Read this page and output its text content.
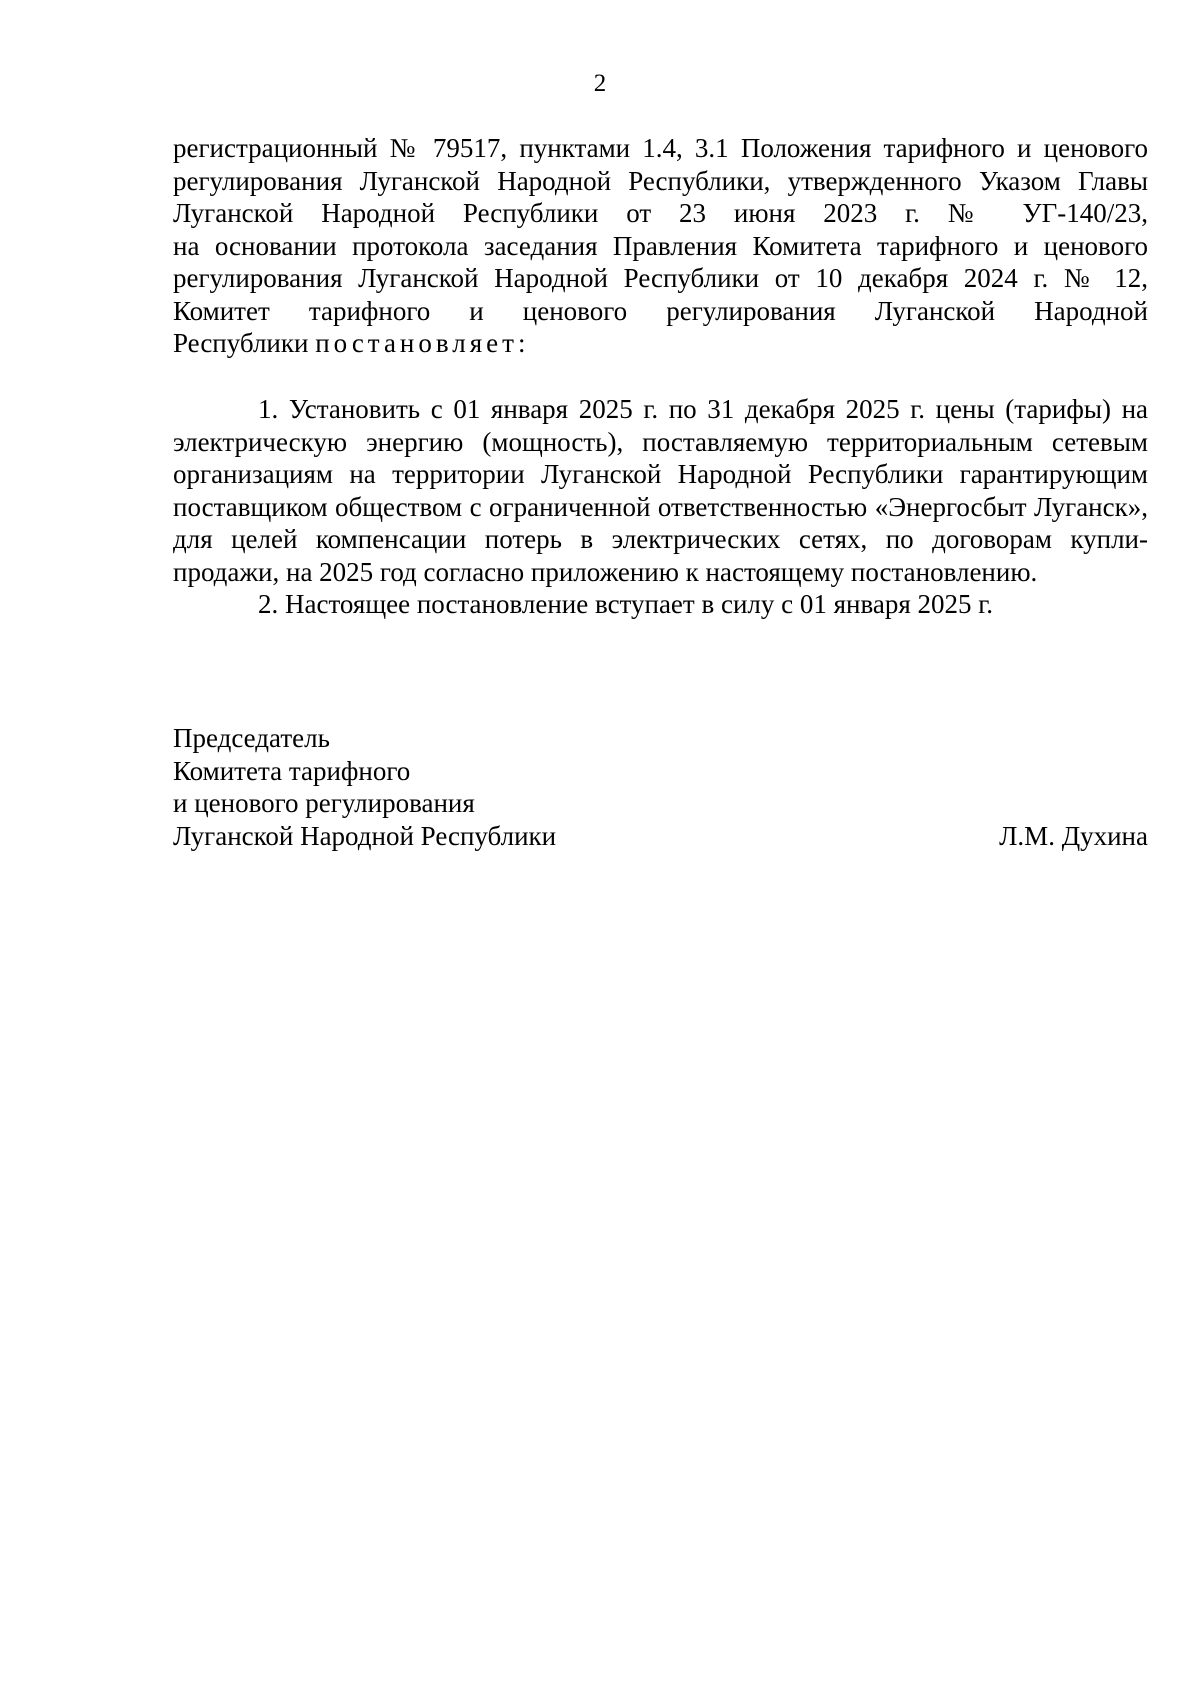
2
регистрационный № 79517, пунктами 1.4, 3.1 Положения тарифного и ценового
регулирования Луганской Народной Республики, утвержденного Указом Главы
Луганской Народной Республики от 23 июня 2023 г. № УГ-140/23,
на основании протокола заседания Правления Комитета тарифного и ценового
регулирования Луганской Народной Республики от 10 декабря 2024 г. № 12,
Комитет тарифного и ценового регулирования Луганской Народной
Республики постановляет:

1. Установить с 01 января 2025 г. по 31 декабря 2025 г. цены (тарифы) на электрическую энергию (мощность), поставляемую территориальным сетевым организациям на территории Луганской Народной Республики гарантирующим поставщиком обществом с ограниченной ответственностью «Энергосбыт Луганск», для целей компенсации потерь в электрических сетях, по договорам купли-продажи, на 2025 год согласно приложению к настоящему постановлению.

2. Настоящее постановление вступает в силу с 01 января 2025 г.

Председатель
Комитета тарифного
и ценового регулирования
Луганской Народной Республики	Л.М. Духина
